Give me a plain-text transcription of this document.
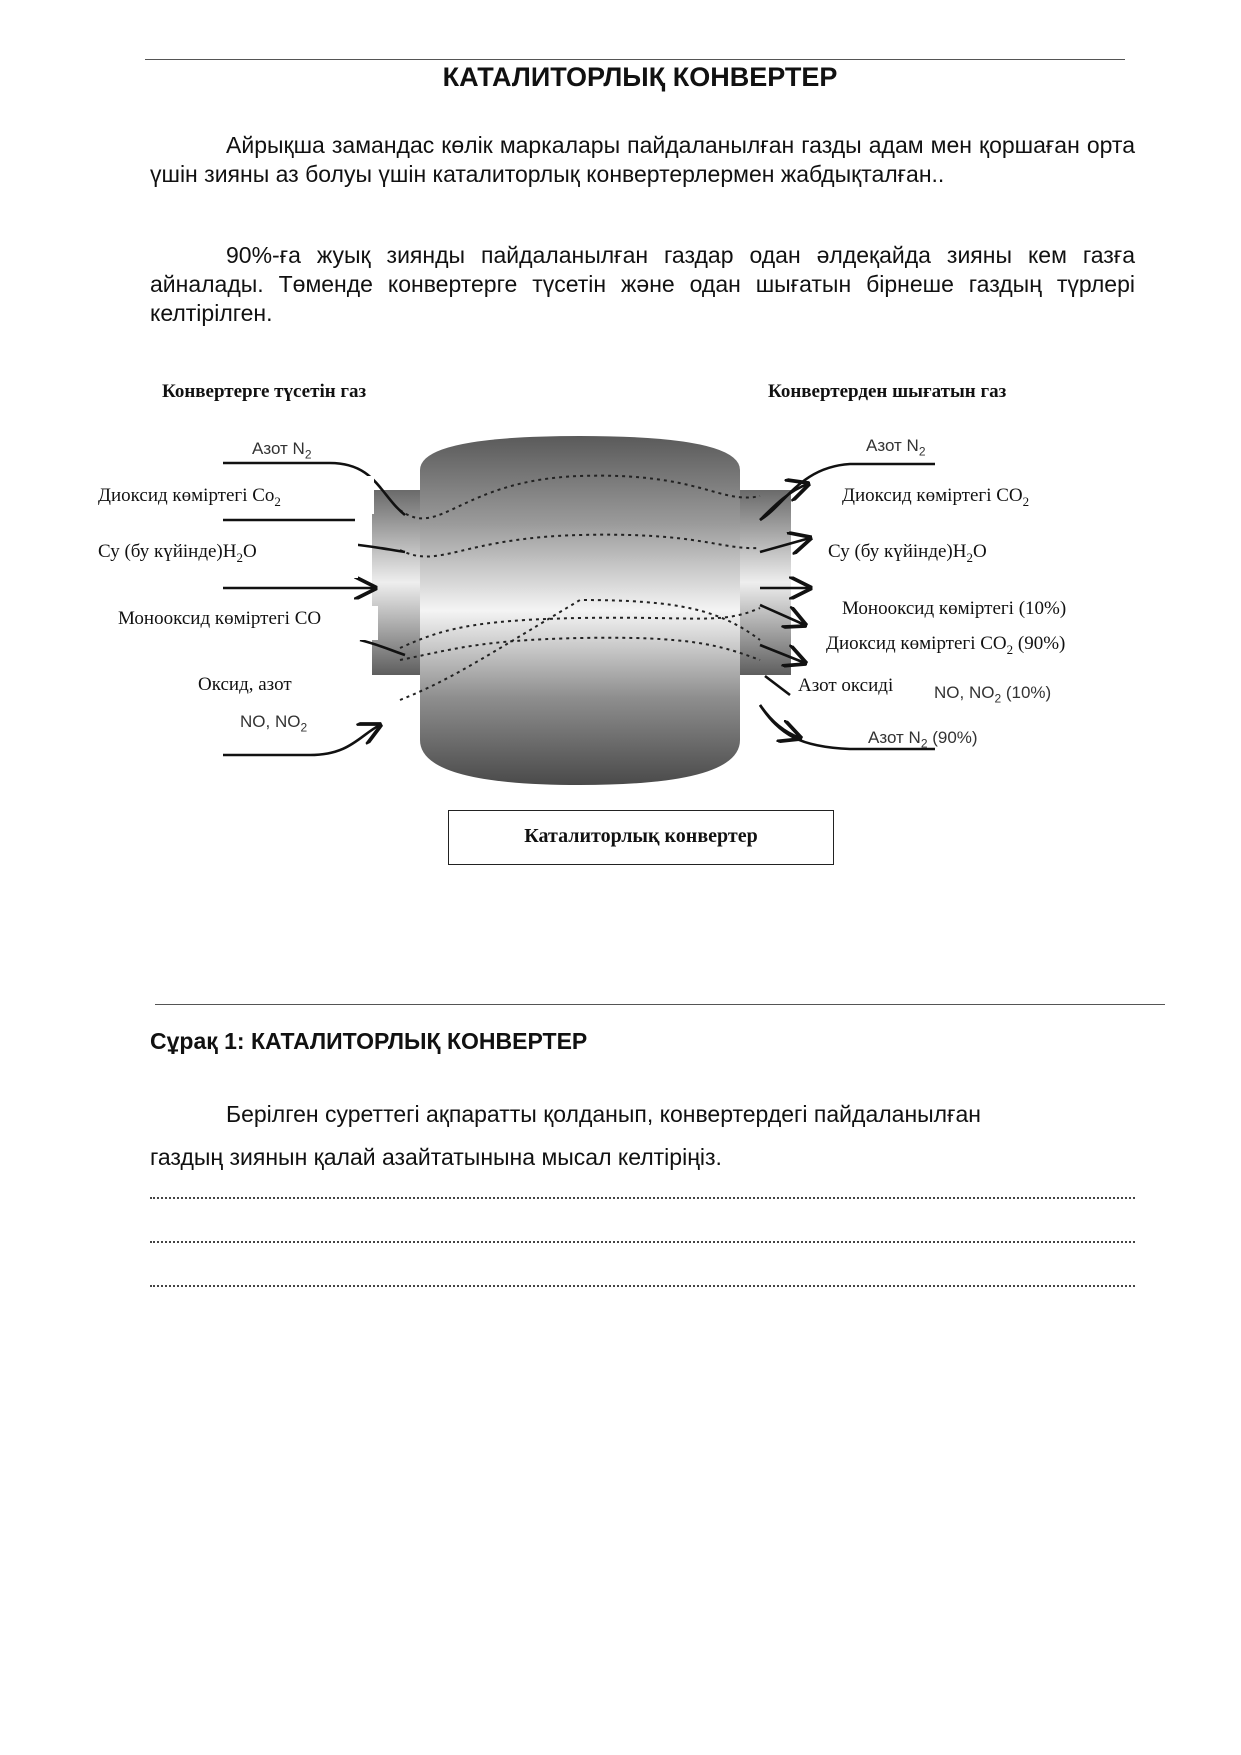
КАТАЛИТОРЛЫҚ КОНВЕРТЕР

Айрықша замандас көлік маркалары пайдаланылған газды адам мен қоршаған орта үшін зияны аз болуы үшін каталиторлық конвертерлермен жабдықталған..

90%-ға жуық зиянды пайдаланылған газдар одан әлдеқайда зияны кем газға айналады. Төменде конвертерге түсетін және одан шығатын бірнеше газдың түрлері келтірілген.

Конвертерге түсетін газ	Конвертерден шығатын газ
Азот $N_2$
Диоксид көміртегі $Co_2$
Су (бу $күйінде)H_2O$
Монооксид көміртегі CO
Оксид, азот
NO, $NO_2$
Азот $N_2$
Диоксид көміртегі $CO_2$
Су (бу $күйінде)H_2O$
Монооксид көміртегі (10%)
Диоксид көміртегі $CO_2$ (90%)
Азот оксиді NO, $NO_2$ (10%)
Азот $N_2$ (90%)
Каталиторлық конвертер
Сұрақ 1: КАТАЛИТОРЛЫҚ КОНВЕРТЕР

Берілген суреттегі ақпаратты қолданып, конвертердегі пайдаланылған

газдың зиянын қалай азайтатынына мысал келтіріңіз.
